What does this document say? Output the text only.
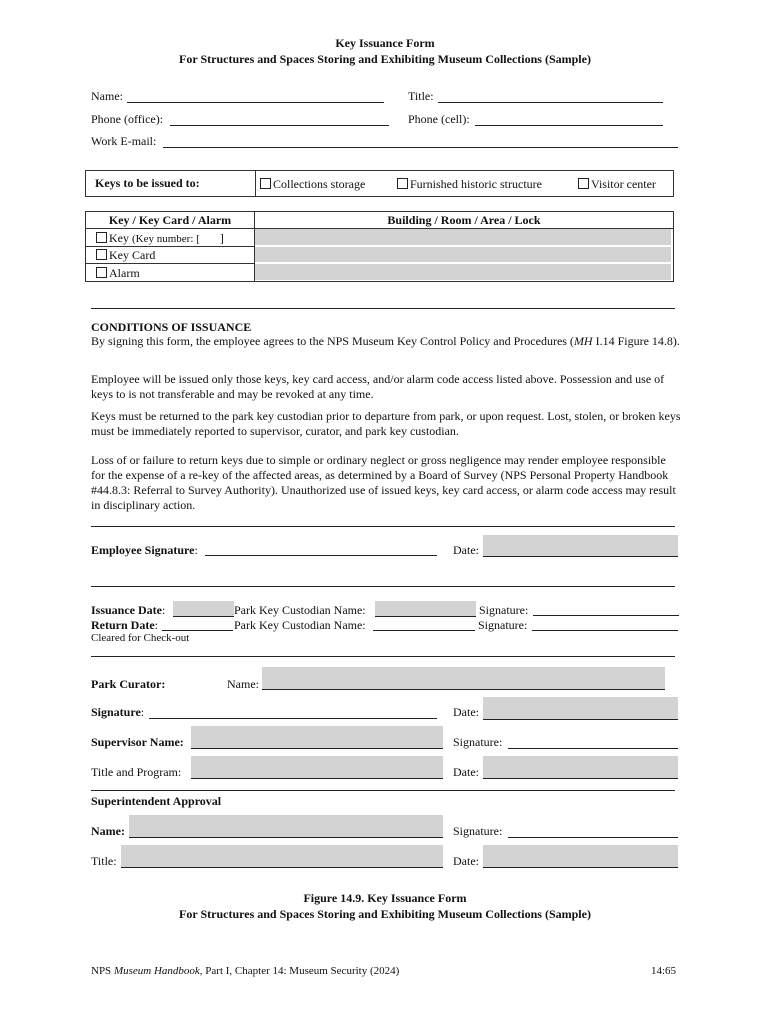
Key Issuance Form
For Structures and Spaces Storing and Exhibiting Museum Collections (Sample)
Name:	Title:
Phone (office):	Phone (cell):
Work E-mail:
Keys to be issued to:	Collections storage	Furnished historic structure	Visitor center
Key / Key Card / Alarm	Building / Room / Area / Lock
Key (Key number: [ ]
Key Card
Alarm
CONDITIONS OF ISSUANCE
By signing this form, the employee agrees to the NPS Museum Key Control Policy and Procedures (MH I.14 Figure 14.8).
Employee will be issued only those keys, key card access, and/or alarm code access listed above. Possession and use of keys to is not transferable and may be revoked at any time.
Keys must be returned to the park key custodian prior to departure from park, or upon request. Lost, stolen, or broken keys must be immediately reported to supervisor, curator, and park key custodian.
Loss of or failure to return keys due to simple or ordinary neglect or gross negligence may render employee responsible for the expense of a re-key of the affected areas, as determined by a Board of Survey (NPS Personal Property Handbook #44.8.3: Referral to Survey Authority). Unauthorized use of issued keys, key card access, or alarm code access may result in disciplinary action.
Employee Signature:	Date:
Issuance Date:	Park Key Custodian Name:	Signature:
Return Date:	Park Key Custodian Name:	Signature:
Cleared for Check-out
Park Curator:	Name:
Signature:	Date:
Supervisor Name:	Signature:
Title and Program:	Date:
Superintendent Approval
Name:	Signature:
Title:	Date:
Figure 14.9. Key Issuance Form
For Structures and Spaces Storing and Exhibiting Museum Collections (Sample)
NPS Museum Handbook, Part I, Chapter 14: Museum Security (2024)	14:65
